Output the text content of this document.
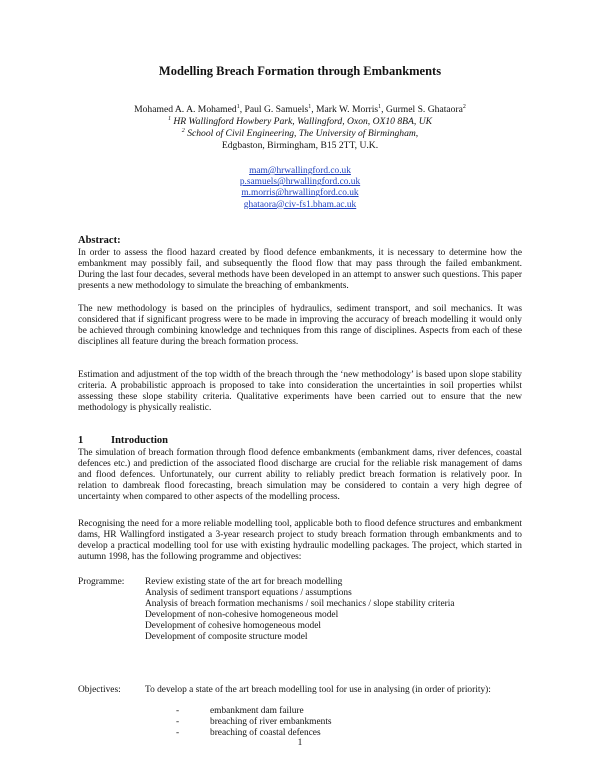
Modelling Breach Formation through Embankments
Mohamed A. A. Mohamed$^1$, Paul G. Samuels$^1$, Mark W. Morris$^1$, Gurmel S. Ghataora$^2$
$^1$ HR Wallingford Howbery Park, Wallingford, Oxon, OX10 8BA, UK
$^2$ School of Civil Engineering, The University of Birmingham,
Edgbaston, Birmingham, B15 2TT, U.K.
mam@hrwallingford.co.uk
p.samuels@hrwallingford.co.uk
m.morris@hrwallingford.co.uk
ghataora@civ-fs1.bham.ac.uk
Abstract:
In order to assess the flood hazard created by flood defence embankments, it is necessary to determine how the embankment may possibly fail, and subsequently the flood flow that may pass through the failed embankment. During the last four decades, several methods have been developed in an attempt to answer such questions. This paper presents a new methodology to simulate the breaching of embankments.
The new methodology is based on the principles of hydraulics, sediment transport, and soil mechanics. It was considered that if significant progress were to be made in improving the accuracy of breach modelling it would only be achieved through combining knowledge and techniques from this range of disciplines. Aspects from each of these disciplines all feature during the breach formation process.
Estimation and adjustment of the top width of the breach through the ‘new methodology’ is based upon slope stability criteria. A probabilistic approach is proposed to take into consideration the uncertainties in soil properties whilst assessing these slope stability criteria. Qualitative experiments have been carried out to ensure that the new methodology is physically realistic.
1	Introduction
The simulation of breach formation through flood defence embankments (embankment dams, river defences, coastal defences etc.) and prediction of the associated flood discharge are crucial for the reliable risk management of dams and flood defences. Unfortunately, our current ability to reliably predict breach formation is relatively poor. In relation to dambreak flood forecasting, breach simulation may be considered to contain a very high degree of uncertainty when compared to other aspects of the modelling process.
Recognising the need for a more reliable modelling tool, applicable both to flood defence structures and embankment dams, HR Wallingford instigated a 3-year research project to study breach formation through embankments and to develop a practical modelling tool for use with existing hydraulic modelling packages. The project, which started in autumn 1998, has the following programme and objectives:
Programme: Review existing state of the art for breach modelling
Analysis of sediment transport equations / assumptions
Analysis of breach formation mechanisms / soil mechanics / slope stability criteria
Development of non-cohesive homogeneous model
Development of cohesive homogeneous model
Development of composite structure model
Objectives:	To develop a state of the art breach modelling tool for use in analysing (in order of priority):
-	embankment dam failure
-	breaching of river embankments
-	breaching of coastal defences
1
